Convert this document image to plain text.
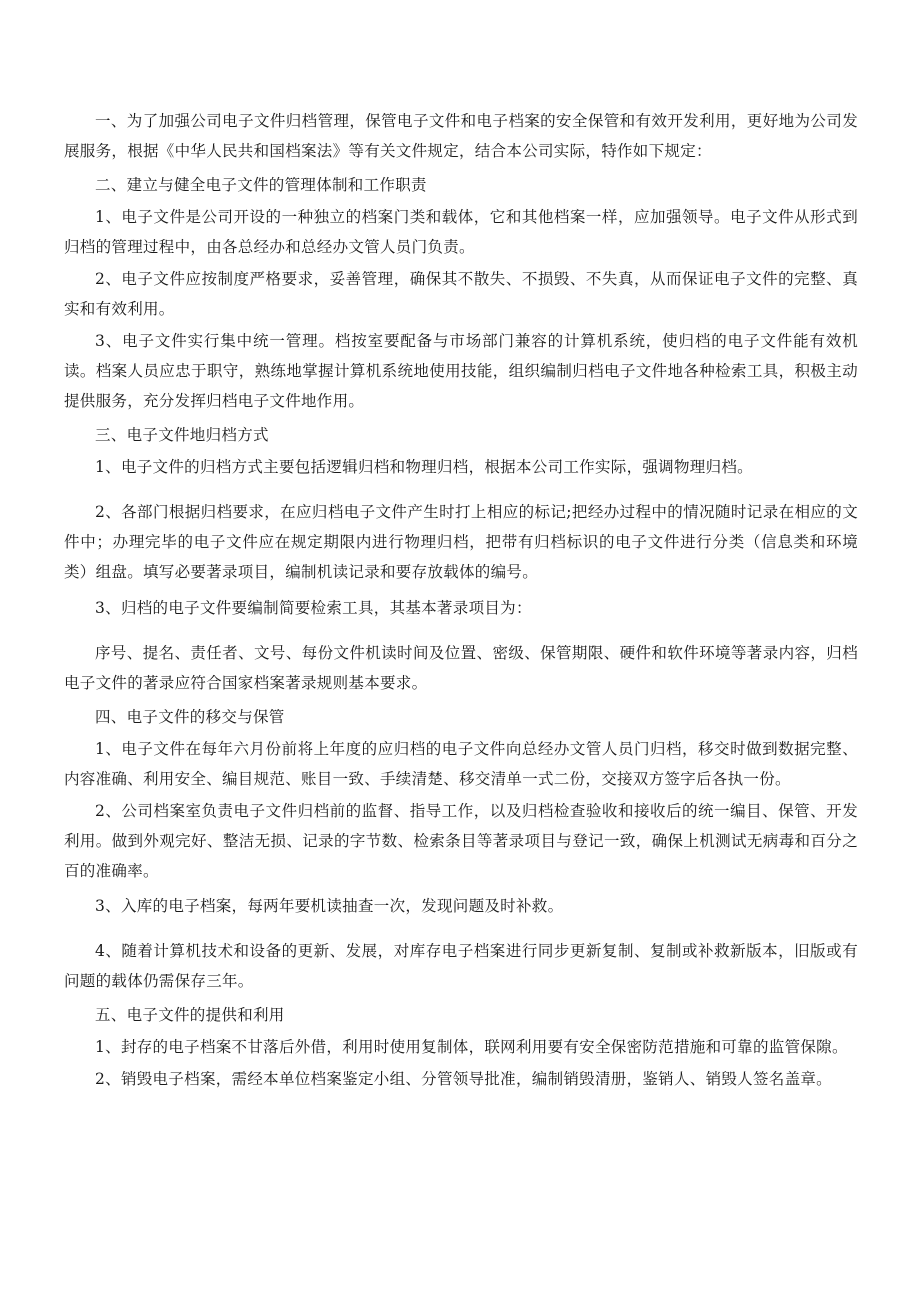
一、为了加强公司电子文件归档管理，保管电子文件和电子档案的安全保管和有效开发利用，更好地为公司发展服务，根据《中华人民共和国档案法》等有关文件规定，结合本公司实际，特作如下规定：

二、建立与健全电子文件的管理体制和工作职责

1、电子文件是公司开设的一种独立的档案门类和载体，它和其他档案一样，应加强领导。电子文件从形式到归档的管理过程中，由各总经办和总经办文管人员门负责。

2、电子文件应按制度严格要求，妥善管理，确保其不散失、不损毁、不失真，从而保证电子文件的完整、真实和有效利用。

3、电子文件实行集中统一管理。档按室要配备与市场部门兼容的计算机系统，使归档的电子文件能有效机读。档案人员应忠于职守，熟练地掌握计算机系统地使用技能，组织编制归档电子文件地各种检索工具，积极主动提供服务，充分发挥归档电子文件地作用。

三、电子文件地归档方式

1、电子文件的归档方式主要包括逻辑归档和物理归档，根据本公司工作实际，强调物理归档。

2、各部门根据归档要求，在应归档电子文件产生时打上相应的标记;把经办过程中的情况随时记录在相应的文件中；办理完毕的电子文件应在规定期限内进行物理归档，把带有归档标识的电子文件进行分类（信息类和环境类）组盘。填写必要著录项目，编制机读记录和要存放载体的编号。

3、归档的电子文件要编制简要检索工具，其基本著录项目为：

序号、提名、责任者、文号、每份文件机读时间及位置、密级、保管期限、硬件和软件环境等著录内容，归档电子文件的著录应符合国家档案著录规则基本要求。

四、电子文件的移交与保管

1、电子文件在每年六月份前将上年度的应归档的电子文件向总经办文管人员门归档，移交时做到数据完整、内容准确、利用安全、编目规范、账目一致、手续清楚、移交清单一式二份，交接双方签字后各执一份。

2、公司档案室负责电子文件归档前的监督、指导工作，以及归档检查验收和接收后的统一编目、保管、开发利用。做到外观完好、整洁无损、记录的字节数、检索条目等著录项目与登记一致，确保上机测试无病毒和百分之百的准确率。

3、入库的电子档案，每两年要机读抽查一次，发现问题及时补救。

4、随着计算机技术和设备的更新、发展，对库存电子档案进行同步更新复制、复制或补救新版本，旧版或有问题的载体仍需保存三年。

五、电子文件的提供和利用

1、封存的电子档案不甘落后外借，利用时使用复制体，联网利用要有安全保密防范措施和可靠的监管保隙。

2、销毁电子档案，需经本单位档案鉴定小组、分管领导批准，编制销毁清册，鉴销人、销毁人签名盖章。
